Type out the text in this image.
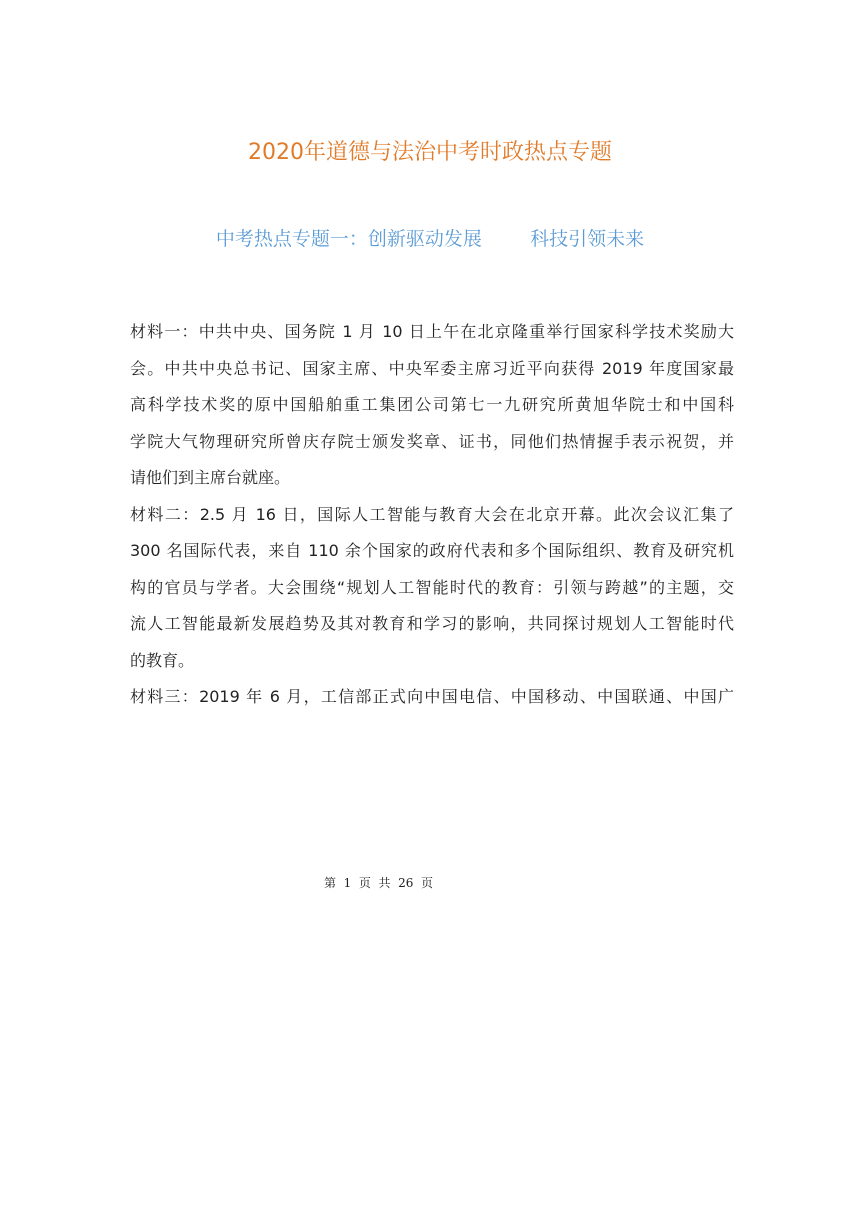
2020年道德与法治中考时政热点专题
中考热点专题一：创新驱动发展        科技引领未来

材料一：中共中央、国务院 1 月 10 日上午在北京隆重举行国家科学技术奖励大
会。中共中央总书记、国家主席、中央军委主席习近平向获得 2019 年度国家最
高科学技术奖的原中国船舶重工集团公司第七一九研究所黄旭华院士和中国科
学院大气物理研究所曾庆存院士颁发奖章、证书，同他们热情握手表示祝贺，并
请他们到主席台就座。

材料二：2.5 月 16 日，国际人工智能与教育大会在北京开幕。此次会议汇集了
300 名国际代表，来自 110 余个国家的政府代表和多个国际组织、教育及研究机
构的官员与学者。大会围绕“规划人工智能时代的教育：引领与跨越”的主题，交
流人工智能最新发展趋势及其对教育和学习的影响，共同探讨规划人工智能时代
的教育。

材料三：2019 年 6 月，工信部正式向中国电信、中国移动、中国联通、中国广

第  1  页  共  26  页
